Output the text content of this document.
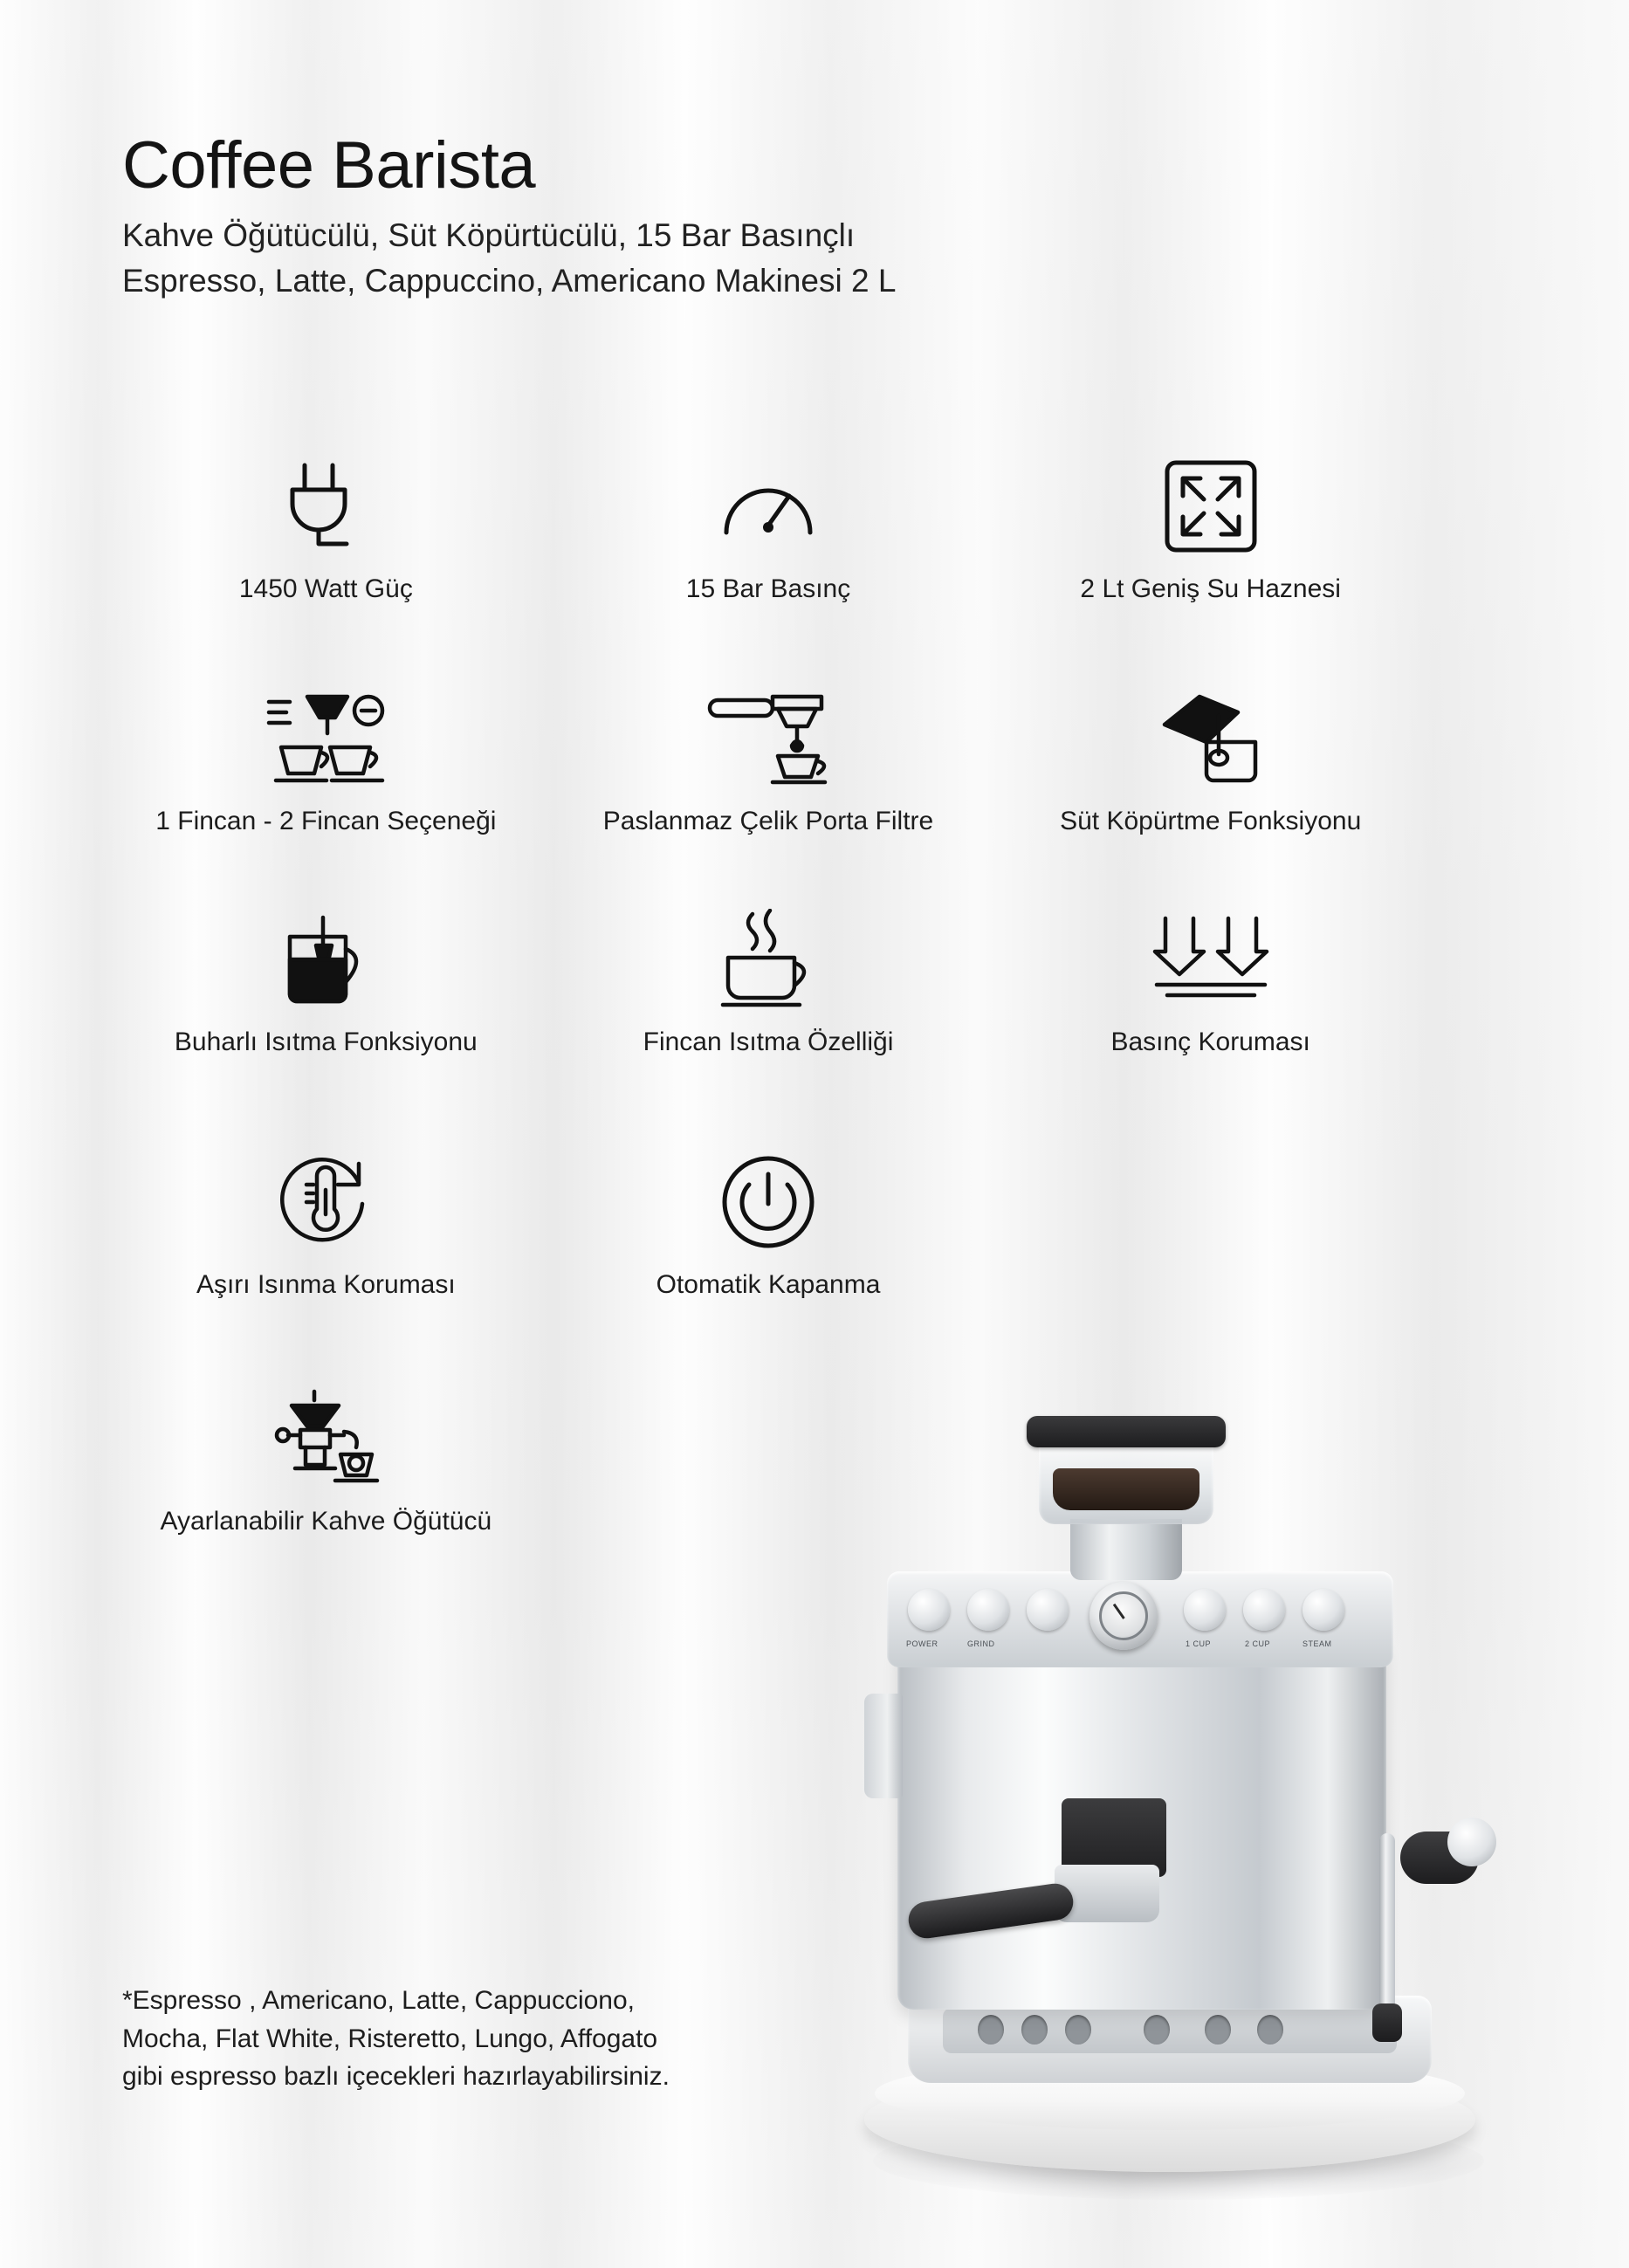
Coffee Barista

Kahve Öğütücülü, Süt Köpürtücülü, 15 Bar Basınçlı
Espresso, Latte, Cappuccino, Americano Makinesi 2 L

1450 Watt Güç	15 Bar Basınç	2 Lt Geniş Su Haznesi
1 Fincan - 2 Fincan Seçeneği	Paslanmaz Çelik Porta Filtre	Süt Köpürtme Fonksiyonu
Buharlı Isıtma Fonksiyonu	Fincan Isıtma Özelliği	Basınç Koruması
Aşırı Isınma Koruması	Otomatik Kapanma
Ayarlanabilir Kahve Öğütücü
*Espresso , Americano, Latte, Cappucciono,
Mocha, Flat White, Risteretto, Lungo, Affogato
gibi espresso bazlı içecekleri hazırlayabilirsiniz.
POWER	GRIND	1 CUP	2 CUP	STEAM
